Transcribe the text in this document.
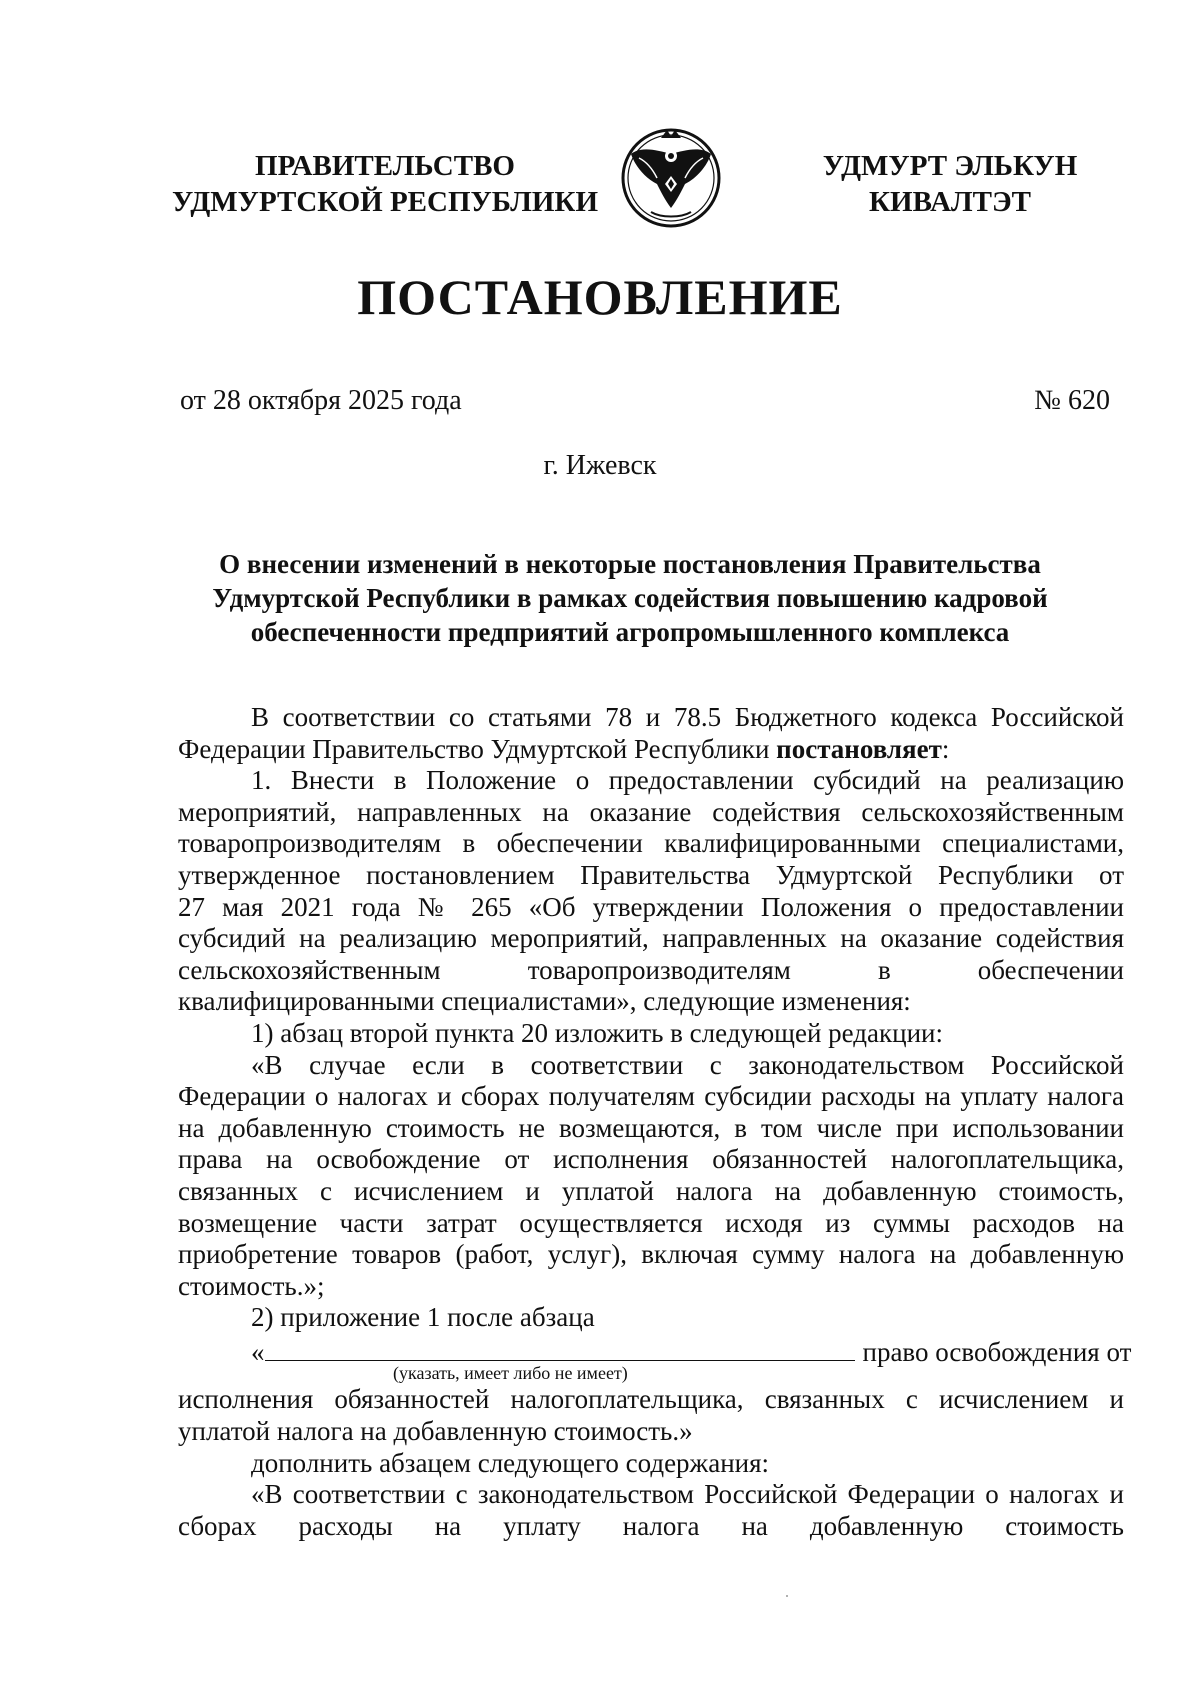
ПРАВИТЕЛЬСТВО
УДМУРТСКОЙ РЕСПУБЛИКИ
УДМУРТ ЭЛЬКУН
КИВАЛТЭТ
ПОСТАНОВЛЕНИЕ
от 28 октября 2025 года	№ 620
г. Ижевск
О внесении изменений в некоторые постановления Правительства
Удмуртской Республики в рамках содействия повышению кадровой
обеспеченности предприятий агропромышленного комплекса
В соответствии со статьями 78 и 78.5 Бюджетного кодекса Российской
Федерации Правительство Удмуртской Республики постановляет:
1. Внести в Положение о предоставлении субсидий на реализацию
мероприятий, направленных на оказание содействия сельскохозяйственным
товаропроизводителям в обеспечении квалифицированными специалистами,
утвержденное постановлением Правительства Удмуртской Республики от
27 мая 2021 года № 265 «Об утверждении Положения о предоставлении
субсидий на реализацию мероприятий, направленных на оказание содействия
сельскохозяйственным товаропроизводителям в обеспечении
квалифицированными специалистами», следующие изменения:
1) абзац второй пункта 20 изложить в следующей редакции:
«В случае если в соответствии с законодательством Российской
Федерации о налогах и сборах получателям субсидии расходы на уплату налога
на добавленную стоимость не возмещаются, в том числе при использовании
права на освобождение от исполнения обязанностей налогоплательщика,
связанных с исчислением и уплатой налога на добавленную стоимость,
возмещение части затрат осуществляется исходя из суммы расходов на
приобретение товаров (работ, услуг), включая сумму налога на добавленную
стоимость.»;
2) приложение 1 после абзаца
«	право освобождения от
(указать, имеет либо не имеет)
исполнения обязанностей налогоплательщика, связанных с исчислением и
уплатой налога на добавленную стоимость.»
дополнить абзацем следующего содержания:
«В соответствии с законодательством Российской Федерации о налогах и
сборах расходы на уплату налога на добавленную стоимость
